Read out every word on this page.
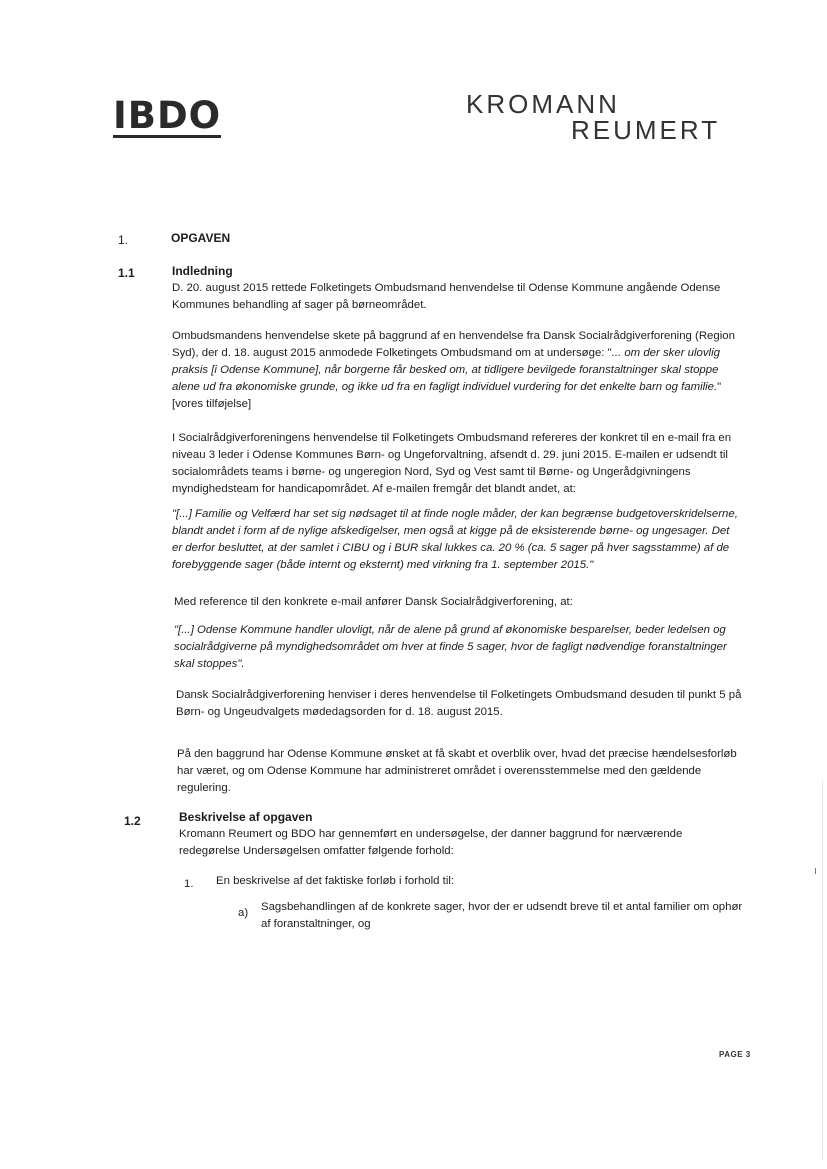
IBDO	KROMANN
REUMERT
1.	OPGAVEN
1.1	Indledning
D. 20. august 2015 rettede Folketingets Ombudsmand henvendelse til Odense Kommune angående Odense Kommunes behandling af sager på børneområdet.
Ombudsmandens henvendelse skete på baggrund af en henvendelse fra Dansk Socialrådgiverforening (Region Syd), der d. 18. august 2015 anmodede Folketingets Ombudsmand om at undersøge: "... om der sker ulovlig praksis [i Odense Kommune], når borgerne får besked om, at tidligere bevilgede foranstaltninger skal stoppe alene ud fra økonomiske grunde, og ikke ud fra en fagligt individuel vurdering for det enkelte barn og familie." [vores tilføjelse]
I Socialrådgiverforeningens henvendelse til Folketingets Ombudsmand refereres der konkret til en e-mail fra en niveau 3 leder i Odense Kommunes Børn- og Ungeforvaltning, afsendt d. 29. juni 2015. E-mailen er udsendt til socialområdets teams i børne- og ungeregion Nord, Syd og Vest samt til Børne- og Ungerådgivningens myndighedsteam for handicapområdet. Af e-mailen fremgår det blandt andet, at:
"[...] Familie og Velfærd har set sig nødsaget til at finde nogle måder, der kan begrænse budgetoverskridelserne, blandt andet i form af de nylige afskedigelser, men også at kigge på de eksisterende børne- og ungesager. Det er derfor besluttet, at der samlet i CIBU og i BUR skal lukkes ca. 20 % (ca. 5 sager på hver sagsstamme) af de forebyggende sager (både internt og eksternt) med virkning fra 1. september 2015."
Med reference til den konkrete e-mail anfører Dansk Socialrådgiverforening, at:
"[...] Odense Kommune handler ulovligt, når de alene på grund af økonomiske besparelser, beder ledelsen og socialrådgiverne på myndighedsområdet om hver at finde 5 sager, hvor de fagligt nødvendige foranstaltninger skal stoppes".
Dansk Socialrådgiverforening henviser i deres henvendelse til Folketingets Ombudsmand desuden til punkt 5 på Børn- og Ungeudvalgets mødedagsorden for d. 18. august 2015.
På den baggrund har Odense Kommune ønsket at få skabt et overblik over, hvad det præcise hændelsesforløb har været, og om Odense Kommune har administreret området i overensstemmelse med den gældende regulering.
1.2	Beskrivelse af opgaven
Kromann Reumert og BDO har gennemført en undersøgelse, der danner baggrund for nærværende redegørelse Undersøgelsen omfatter følgende forhold:
1. En beskrivelse af det faktiske forløb i forhold til:
a) Sagsbehandlingen af de konkrete sager, hvor der er udsendt breve til et antal familier om ophør af foranstaltninger, og
PAGE 3
